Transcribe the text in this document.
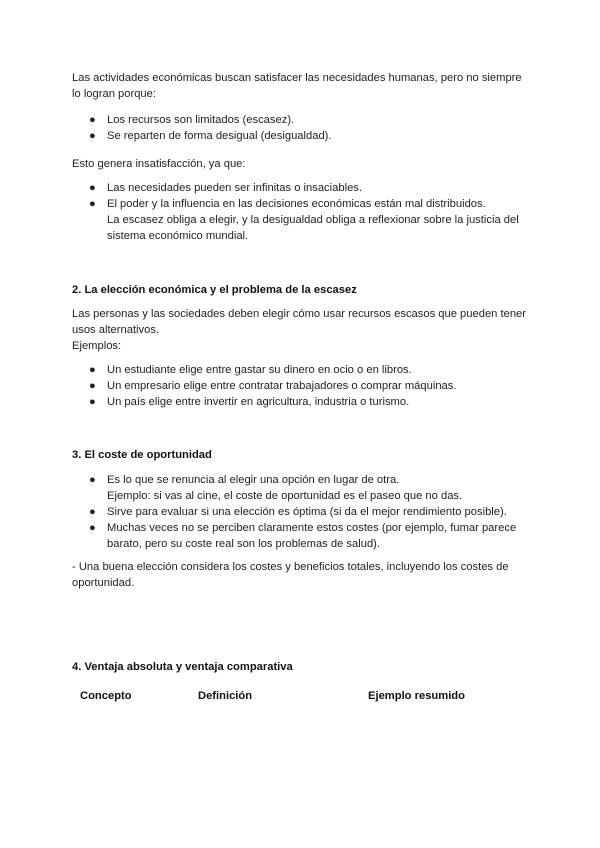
Las actividades económicas buscan satisfacer las necesidades humanas, pero no siempre lo logran porque:

● Los recursos son limitados (escasez).
● Se reparten de forma desigual (desigualdad).

Esto genera insatisfacción, ya que:

● Las necesidades pueden ser infinitas o insaciables.
● El poder y la influencia en las decisiones económicas están mal distribuidos.
La escasez obliga a elegir, y la desigualdad obliga a reflexionar sobre la justicia del sistema económico mundial.
2. La elección económica y el problema de la escasez

Las personas y las sociedades deben elegir cómo usar recursos escasos que pueden tener usos alternativos.

Ejemplos:

● Un estudiante elige entre gastar su dinero en ocio o en libros.
● Un empresario elige entre contratar trabajadores o comprar máquinas.
● Un país elige entre invertir en agricultura, industria o turismo.
3. El coste de oportunidad
● Es lo que se renuncia al elegir una opción en lugar de otra.
Ejemplo: si vas al cine, el coste de oportunidad es el paseo que no das.
● Sirve para evaluar si una elección es óptima (si da el mejor rendimiento posible).
● Muchas veces no se perciben claramente estos costes (por ejemplo, fumar parece barato, pero su coste real son los problemas de salud).

- Una buena elección considera los costes y beneficios totales, incluyendo los costes de oportunidad.

4. Ventaja absoluta y ventaja comparativa
Concepto	Definición	Ejemplo resumido
